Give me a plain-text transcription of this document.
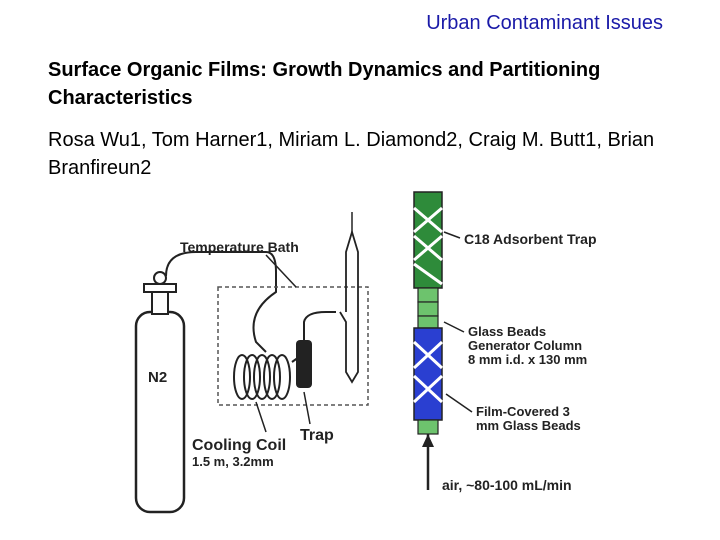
Urban Contaminant Issues
Surface Organic Films: Growth Dynamics and Partitioning Characteristics
Rosa Wu1, Tom Harner1, Miriam L. Diamond2, Craig M. Butt1, Brian Branfireun2
N2
Temperature Bath
Cooling Coil
1.5 m, 3.2mm
Trap
C18 Adsorbent Trap
Glass Beads
Generator Column
8 mm i.d. x 130 mm
Film-Covered 3
mm Glass Beads
air, ~80-100 mL/min
